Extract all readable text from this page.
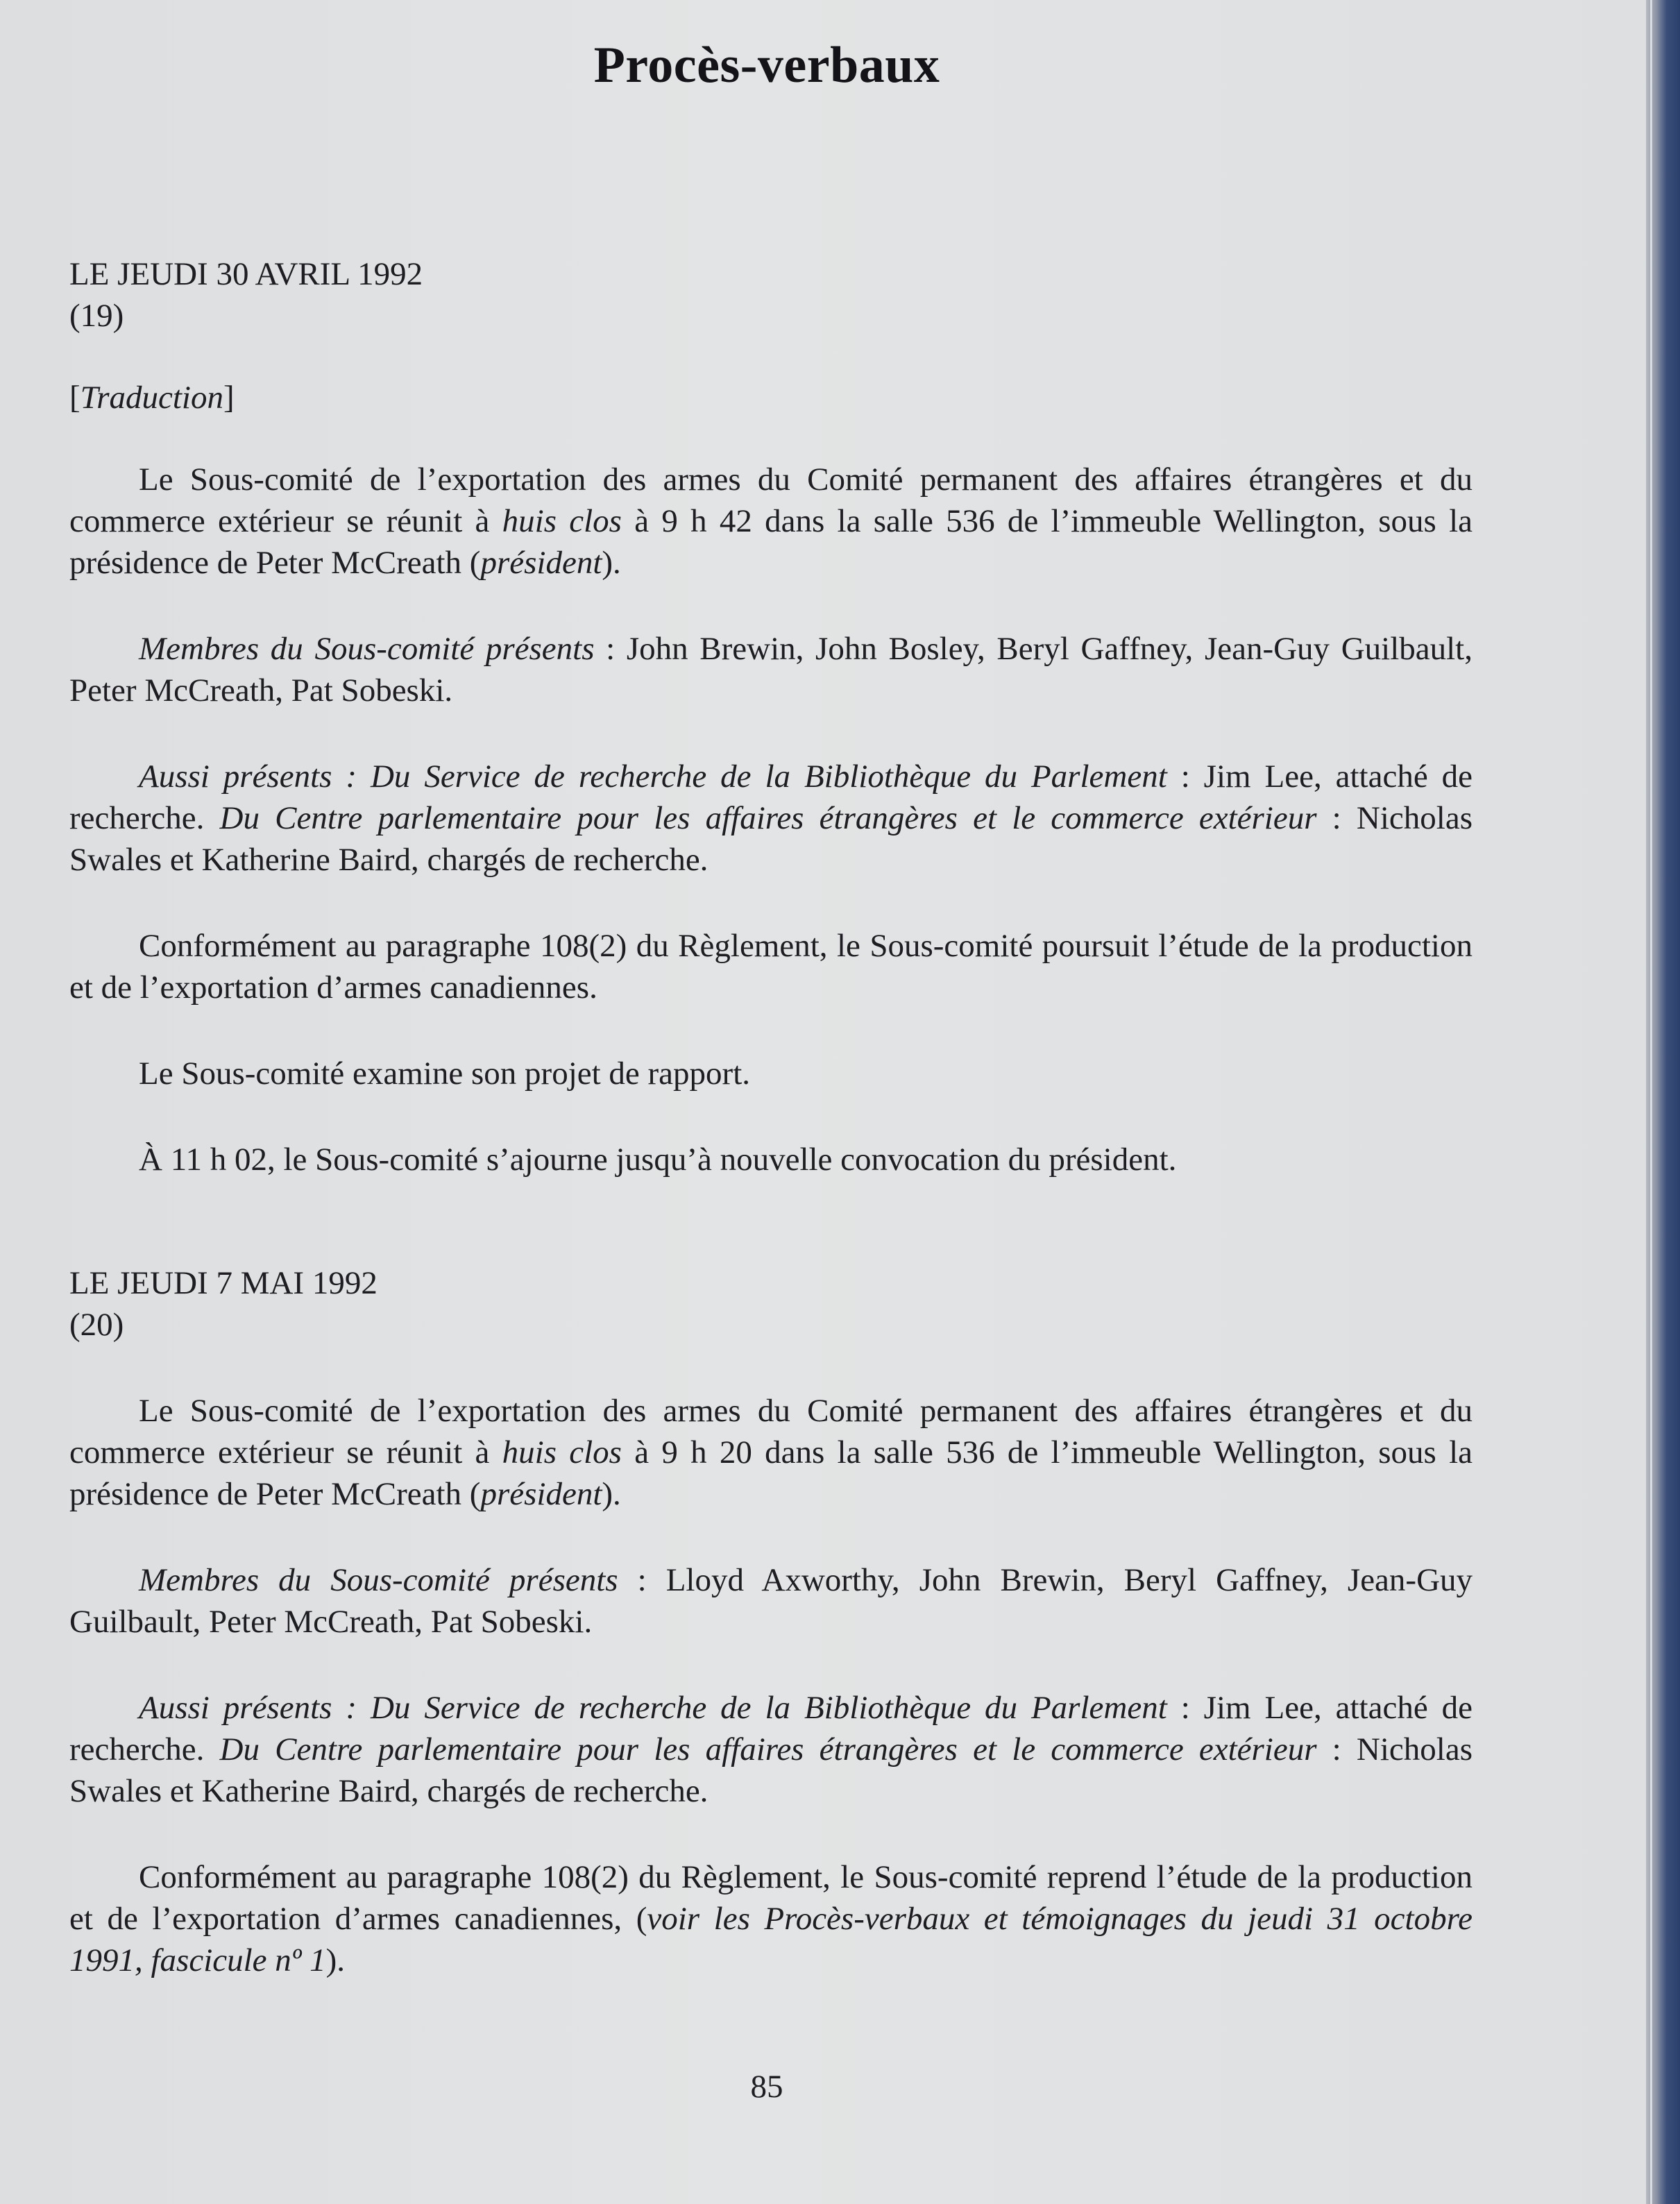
Procès-verbaux

LE JEUDI 30 AVRIL 1992

(19)

[Traduction]

Le Sous-comité de l’exportation des armes du Comité permanent des affaires étrangères et du commerce extérieur se réunit à huis clos à 9 h 42 dans la salle 536 de l’immeuble Wellington, sous la présidence de Peter McCreath (président).

Membres du Sous-comité présents : John Brewin, John Bosley, Beryl Gaffney, Jean-Guy Guilbault, Peter McCreath, Pat Sobeski.

Aussi présents : Du Service de recherche de la Bibliothèque du Parlement : Jim Lee, attaché de recherche. Du Centre parlementaire pour les affaires étrangères et le commerce extérieur : Nicholas Swales et Katherine Baird, chargés de recherche.

Conformément au paragraphe 108(2) du Règlement, le Sous-comité poursuit l’étude de la production et de l’exportation d’armes canadiennes.

Le Sous-comité examine son projet de rapport.

À 11 h 02, le Sous-comité s’ajourne jusqu’à nouvelle convocation du président.

LE JEUDI 7 MAI 1992

(20)

Le Sous-comité de l’exportation des armes du Comité permanent des affaires étrangères et du commerce extérieur se réunit à huis clos à 9 h 20 dans la salle 536 de l’immeuble Wellington, sous la présidence de Peter McCreath (président).

Membres du Sous-comité présents : Lloyd Axworthy, John Brewin, Beryl Gaffney, Jean-Guy Guilbault, Peter McCreath, Pat Sobeski.

Aussi présents : Du Service de recherche de la Bibliothèque du Parlement : Jim Lee, attaché de recherche. Du Centre parlementaire pour les affaires étrangères et le commerce extérieur : Nicholas Swales et Katherine Baird, chargés de recherche.

Conformément au paragraphe 108(2) du Règlement, le Sous-comité reprend l’étude de la production et de l’exportation d’armes canadiennes, (voir les Procès-verbaux et témoignages du jeudi 31 octobre 1991, fascicule nº 1).

85
